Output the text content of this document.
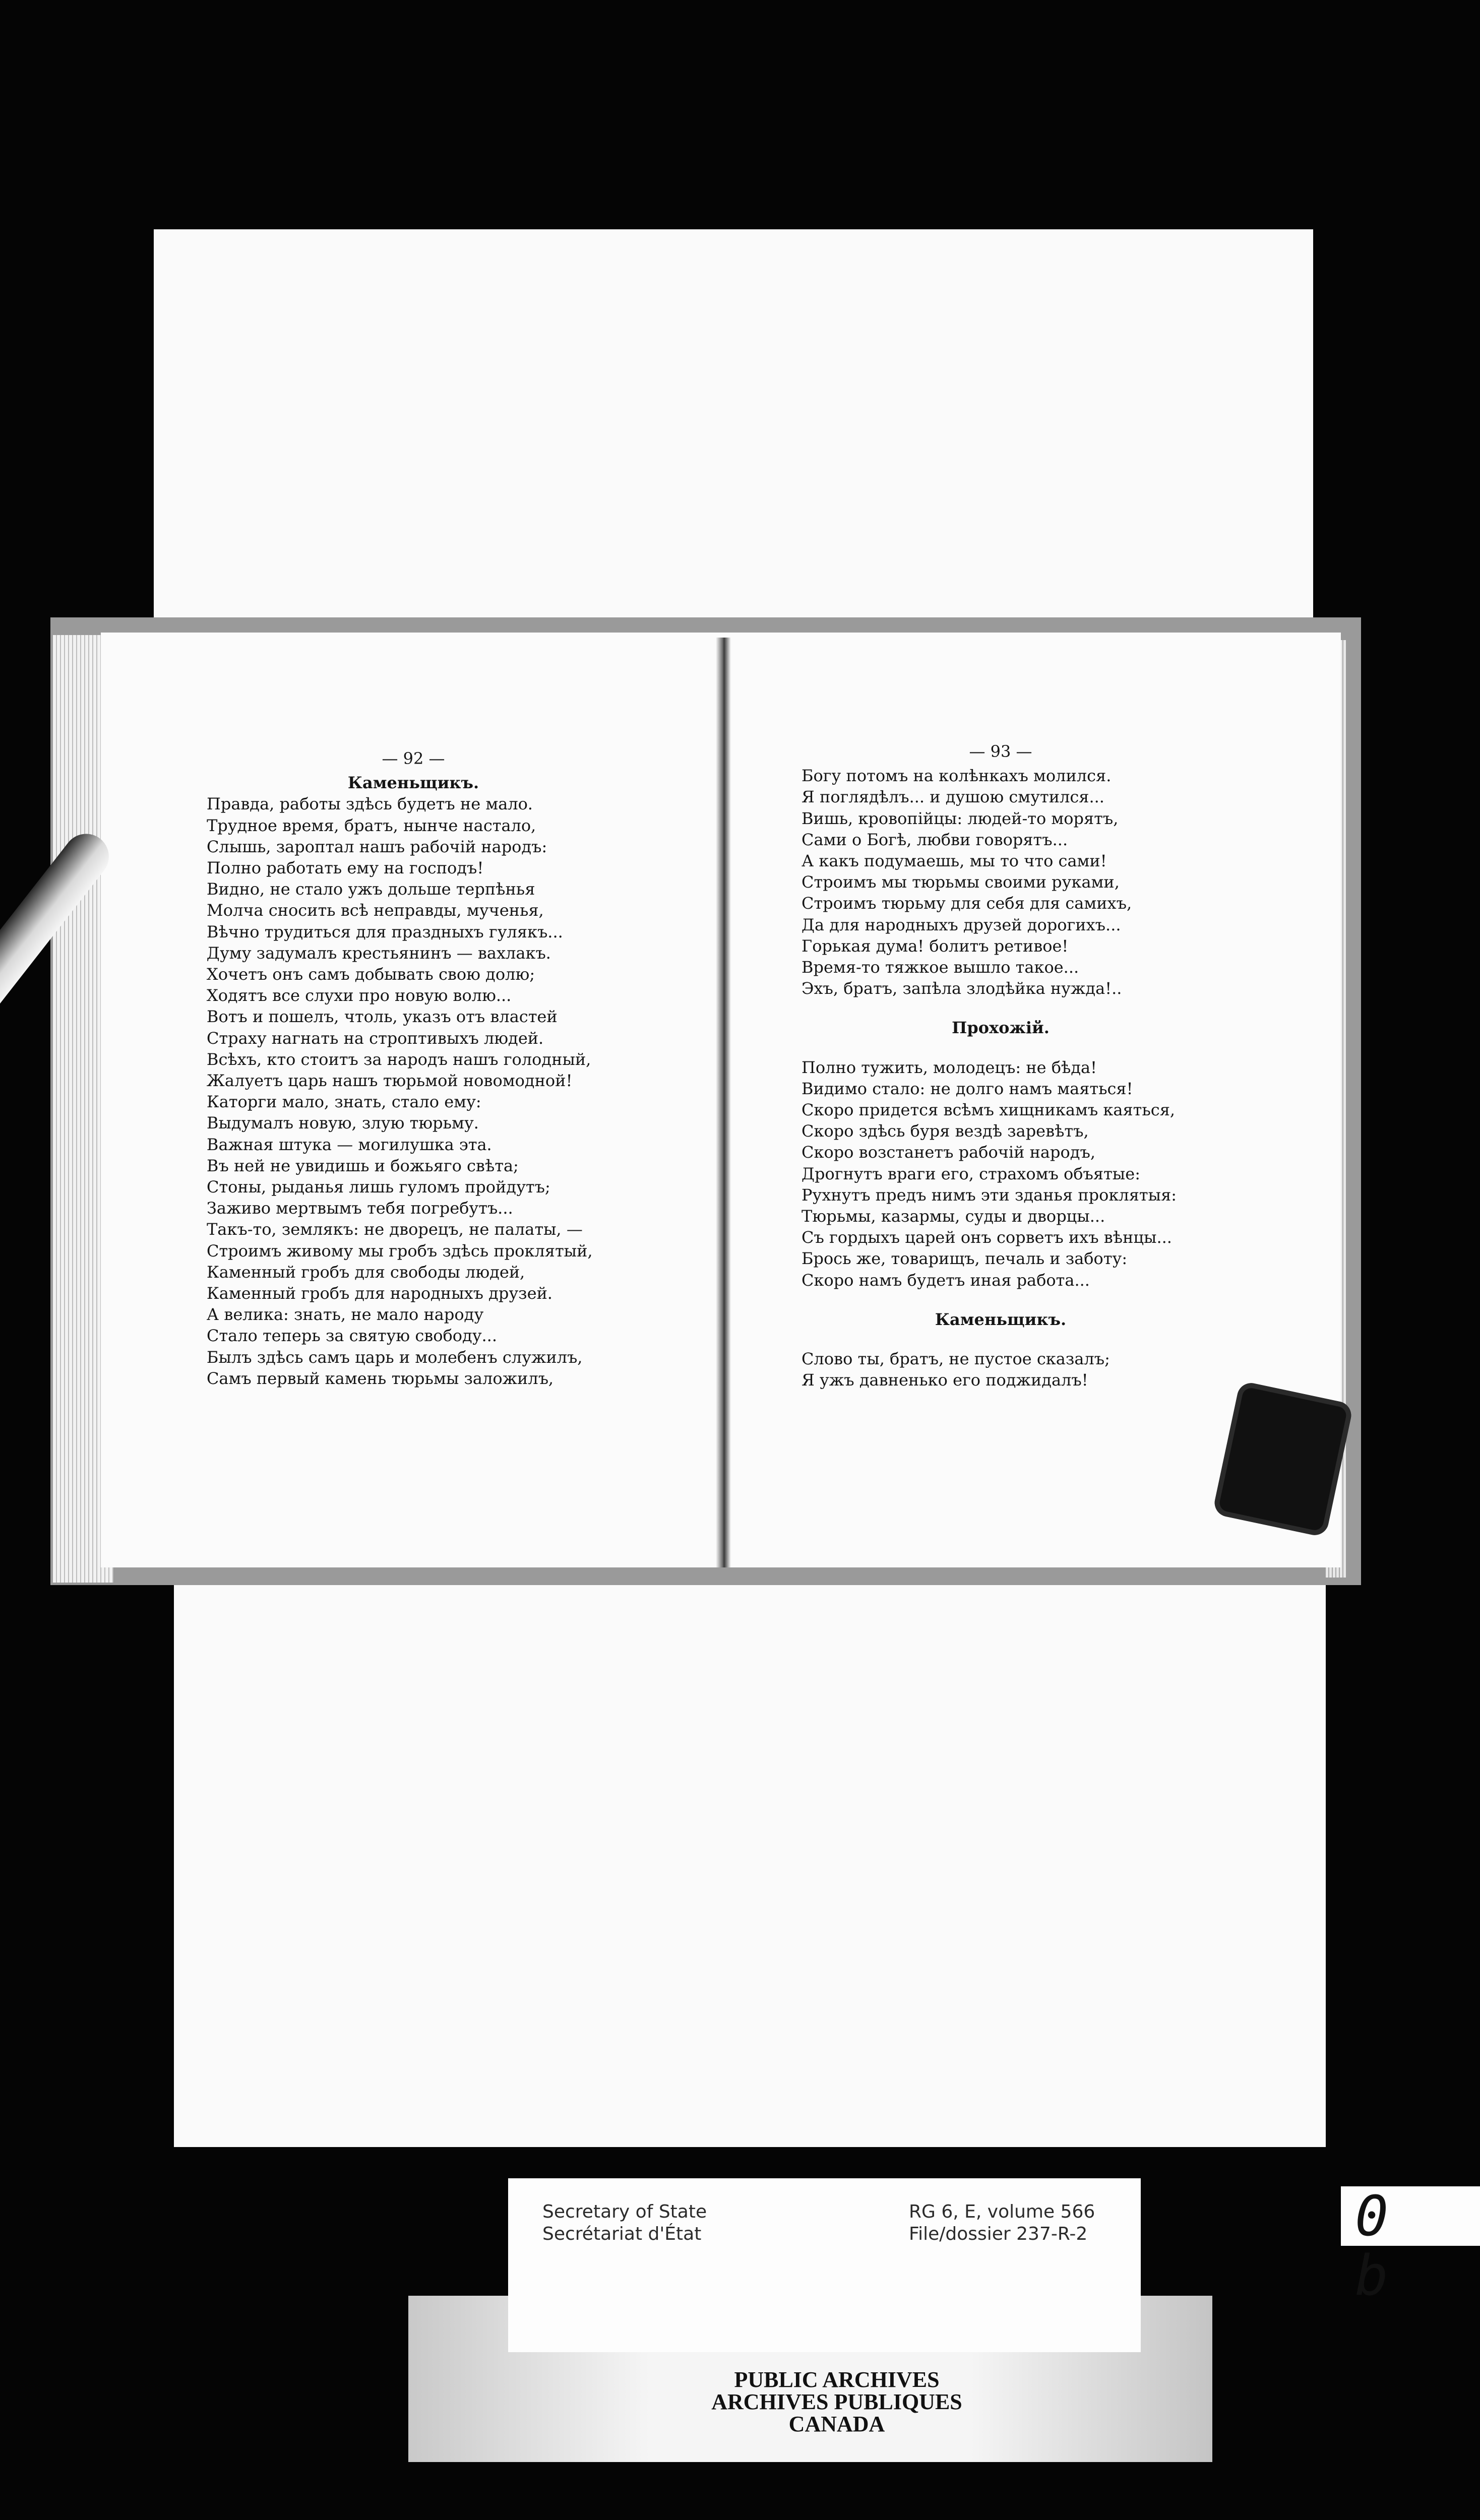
— 92 —
Каменьщикъ.
Правда, работы здѣсь будетъ не мало.
Трудное время, братъ, нынче настало,
Слышь, зароптал нашъ рабочiй народъ:
Полно работать ему на господъ!
Видно, не стало ужъ дольше терпѣнья
Молча сносить всѣ неправды, мученья,
Вѣчно трудиться для праздныхъ гулякъ...
Думу задумалъ крестьянинъ — вахлакъ.
Хочетъ онъ самъ добывать свою долю;
Ходятъ все слухи про новую волю...
Вотъ и пошелъ, чтоль, указъ отъ властей
Страху нагнать на строптивыхъ людей.
Всѣхъ, кто стоитъ за народъ нашъ голодный,
Жалуетъ царь нашъ тюрьмой новомодной!
Каторги мало, знать, стало ему:
Выдумалъ новую, злую тюрьму.
Важная штука — могилушка эта.
Въ ней не увидишь и божьяго свѣта;
Стоны, рыданья лишь гуломъ пройдутъ;
Заживо мертвымъ тебя погребутъ...
Такъ-то, землякъ: не дворецъ, не палаты, —
Строимъ живому мы гробъ здѣсь проклятый,
Каменный гробъ для свободы людей,
Каменный гробъ для народныхъ друзей.
А велика: знать, не мало народу
Стало теперь за святую свободу...
Былъ здѣсь самъ царь и молебенъ служилъ,
Самъ первый камень тюрьмы заложилъ,
— 93 —
Богу потомъ на колѣнкахъ молился.
Я поглядѣлъ... и душою смутился...
Вишь, кровопiйцы: людей-то морятъ,
Сами о Богѣ, любви говорятъ...
А какъ подумаешь, мы то что сами!
Строимъ мы тюрьмы своими руками,
Строимъ тюрьму для себя для самихъ,
Да для народныхъ друзей дорогихъ...
Горькая дума! болитъ ретивое!
Время-то тяжкое вышло такое...
Эхъ, братъ, запѣла злодѣйка нужда!..
Прохожiй.
Полно тужить, молодецъ: не бѣда!
Видимо стало: не долго намъ маяться!
Скоро придется всѣмъ хищникамъ каяться,
Скоро здѣсь буря вездѣ заревѣтъ,
Скоро возстанетъ рабочiй народъ,
Дрогнутъ враги его, страхомъ объятые:
Рухнутъ предъ нимъ эти зданья проклятыя:
Тюрьмы, казармы, суды и дворцы...
Съ гордыхъ царей онъ сорветъ ихъ вѣнцы...
Брось же, товарищъ, печаль и заботу:
Скоро намъ будетъ иная работа...
Каменьщикъ.
Слово ты, братъ, не пустое сказалъ;
Я ужъ давненько его поджидалъ!
Secretary of State
Secrétariat d'État
RG 6, E, volume 566
File/dossier 237-R-2
PUBLIC ARCHIVES
ARCHIVES PUBLIQUES
CANADA
0 b
